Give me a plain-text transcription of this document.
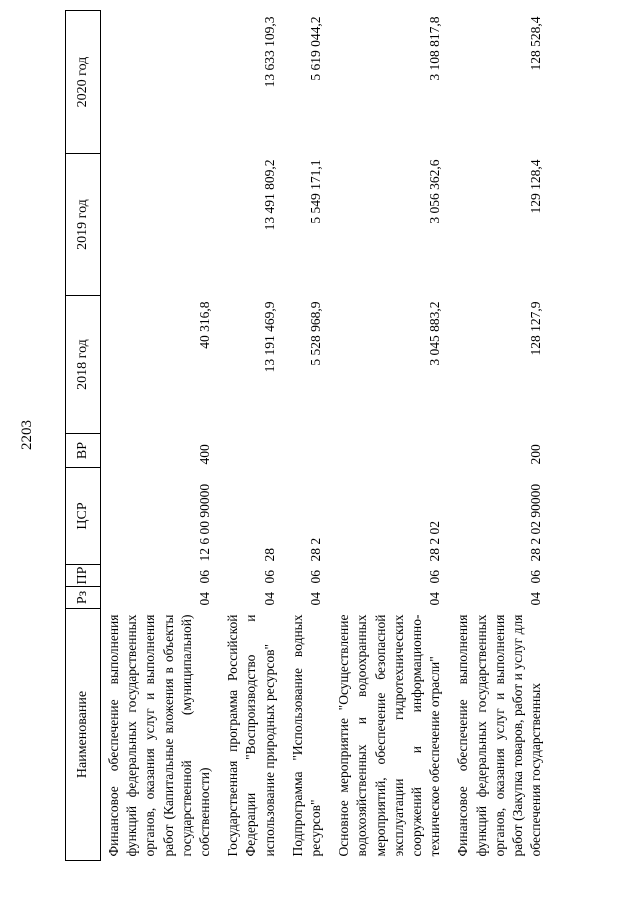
2203
Наименование	Рз	ПР	ЦСР	ВР	2018 год	2019 год	2020 год
Финансовое обеспечение выполнения функций федеральных государственных органов, оказания услуг и выполнения работ (Капитальные вложения в объекты государственной (муниципальной) собственности)	04	06	12 6 00 90000	400	40 316,8		
Государственная программа Российской Федерации "Воспроизводство и использование природных ресурсов"	04	06	28		13 191 469,9	13 491 809,2	13 633 109,3
Подпрограмма "Использование водных ресурсов"	04	06	28 2		5 528 968,9	5 549 171,1	5 619 044,2
Основное мероприятие "Осуществление водохозяйственных и водоохранных мероприятий, обеспечение безопасной эксплуатации гидротехнических сооружений и информационно-техническое обеспечение отрасли"	04	06	28 2 02		3 045 883,2	3 056 362,6	3 108 817,8
Финансовое обеспечение выполнения функций федеральных государственных органов, оказания услуг и выполнения работ (Закупка товаров, работ и услуг для обеспечения государственных	04	06	28 2 02 90000	200	128 127,9	129 128,4	128 528,4
